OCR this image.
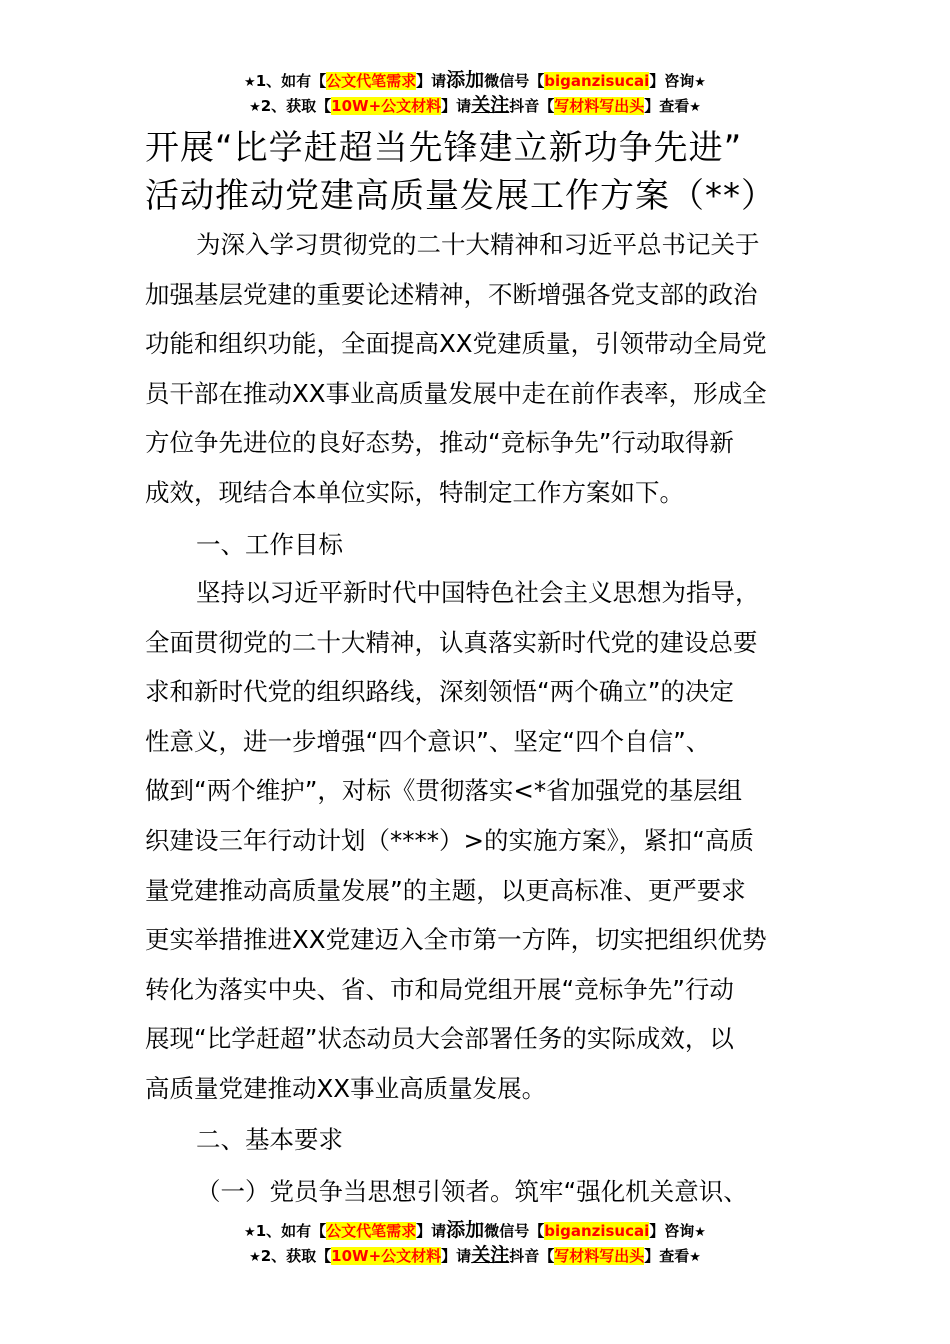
★1、如有【公文代笔需求】请添加微信号【biganzisucai】咨询★
★2、获取【10W+公文材料】请关注抖音【写材料写出头】查看★
开展“比学赶超当先锋建立新功争先进”
活动推动党建高质量发展工作方案（**）
为深入学习贯彻党的二十大精神和习近平总书记关于
加强基层党建的重要论述精神，不断增强各党支部的政治
功能和组织功能，全面提高XX党建质量，引领带动全局党
员干部在推动XX事业高质量发展中走在前作表率，形成全
方位争先进位的良好态势，推动“竞标争先”行动取得新
成效，现结合本单位实际，特制定工作方案如下。
一、工作目标
坚持以习近平新时代中国特色社会主义思想为指导，
全面贯彻党的二十大精神，认真落实新时代党的建设总要
求和新时代党的组织路线，深刻领悟“两个确立”的决定
性意义，进一步增强“四个意识”、坚定“四个自信”、
做到“两个维护”，对标《贯彻落实<*省加强党的基层组
织建设三年行动计划（****）>的实施方案》，紧扣“高质
量党建推动高质量发展”的主题，以更高标准、更严要求
更实举措推进XX党建迈入全市第一方阵，切实把组织优势
转化为落实中央、省、市和局党组开展“竞标争先”行动
展现“比学赶超”状态动员大会部署任务的实际成效，以
高质量党建推动XX事业高质量发展。
二、基本要求
（一）党员争当思想引领者。筑牢“强化机关意识、
★1、如有【公文代笔需求】请添加微信号【biganzisucai】咨询★
★2、获取【10W+公文材料】请关注抖音【写材料写出头】查看★
